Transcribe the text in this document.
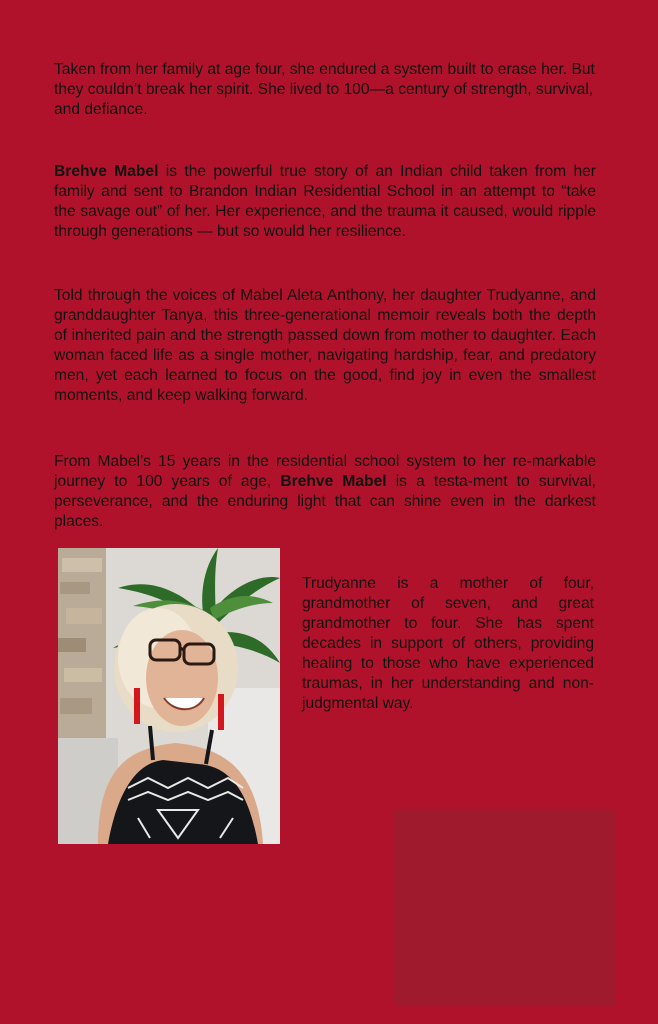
Taken from her family at age four, she endured a system built to erase her. But they couldn’t break her spirit. She lived to 100—a century of strength, survival, and defiance.

Brehve Mabel is the powerful true story of an Indian child taken from her family and sent to Brandon Indian Residential School in an attempt to “take the savage out” of her. Her experience, and the trauma it caused, would ripple through generations — but so would her resilience.

Told through the voices of Mabel Aleta Anthony, her daughter Trudyanne, and granddaughter Tanya, this three-generational memoir reveals both the depth of inherited pain and the strength passed down from mother to daughter. Each woman faced life as a single mother, navigating hardship, fear, and predatory men, yet each learned to focus on the good, find joy in even the smallest moments, and keep walking forward.

From Mabel’s 15 years in the residential school system to her re-markable journey to 100 years of age, Brehve Mabel is a testa-ment to survival, perseverance, and the enduring light that can shine even in the darkest places.

Trudyanne is a mother of four, grandmother of seven, and great grandmother to four. She has spent decades in support of others, providing healing to those who have experienced traumas, in her understanding and non-judgmental way.
